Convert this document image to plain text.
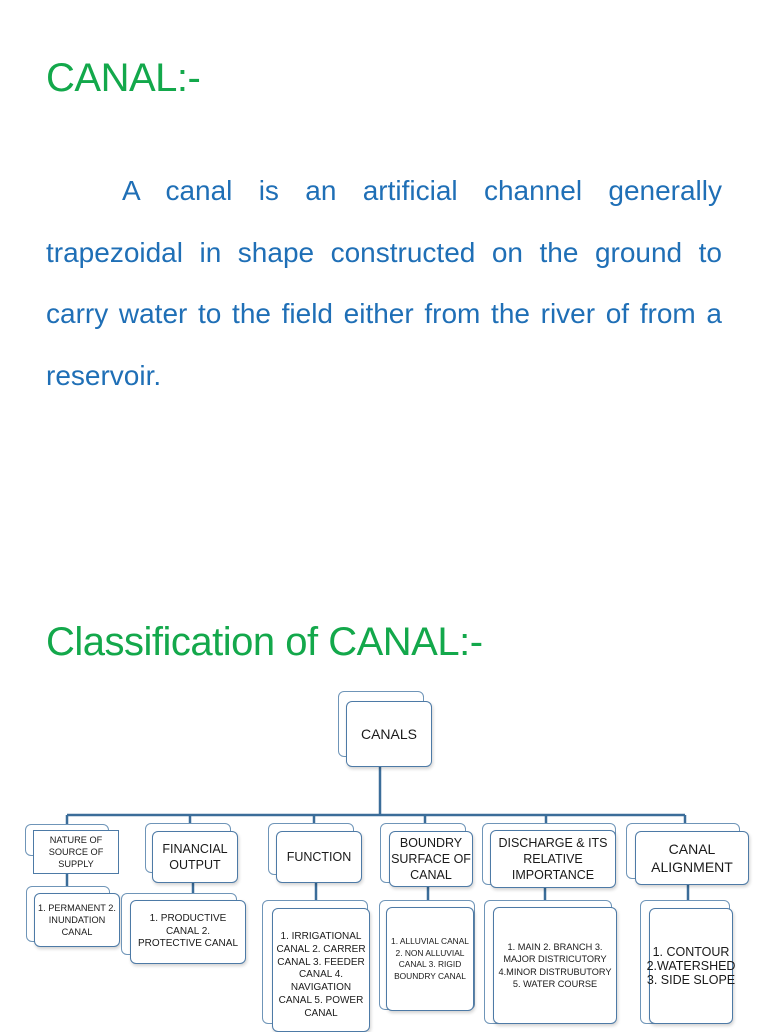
CANAL:-

A canal is an artificial channel generally trapezoidal in shape constructed on the ground to carry water to the field either from the river of from a reservoir.

Classification of CANAL:-
CANALS
NATURE OF SOURCE OF SUPPLY
1. PERMANENT 2. INUNDATION CANAL
FINANCIAL OUTPUT
1. PRODUCTIVE CANAL 2. PROTECTIVE CANAL
FUNCTION
1. IRRIGATIONAL CANAL 2. CARRER CANAL 3. FEEDER CANAL 4. NAVIGATION CANAL 5. POWER CANAL
BOUNDRY SURFACE OF CANAL
1. ALLUVIAL CANAL 2. NON ALLUVIAL CANAL 3. RIGID BOUNDRY CANAL
DISCHARGE & ITS RELATIVE IMPORTANCE
1. MAIN 2. BRANCH 3. MAJOR DISTRICUTORY 4.MINOR DISTRUBUTORY 5. WATER COURSE
CANAL ALIGNMENT
1. CONTOUR 2.WATERSHED 3. SIDE SLOPE
